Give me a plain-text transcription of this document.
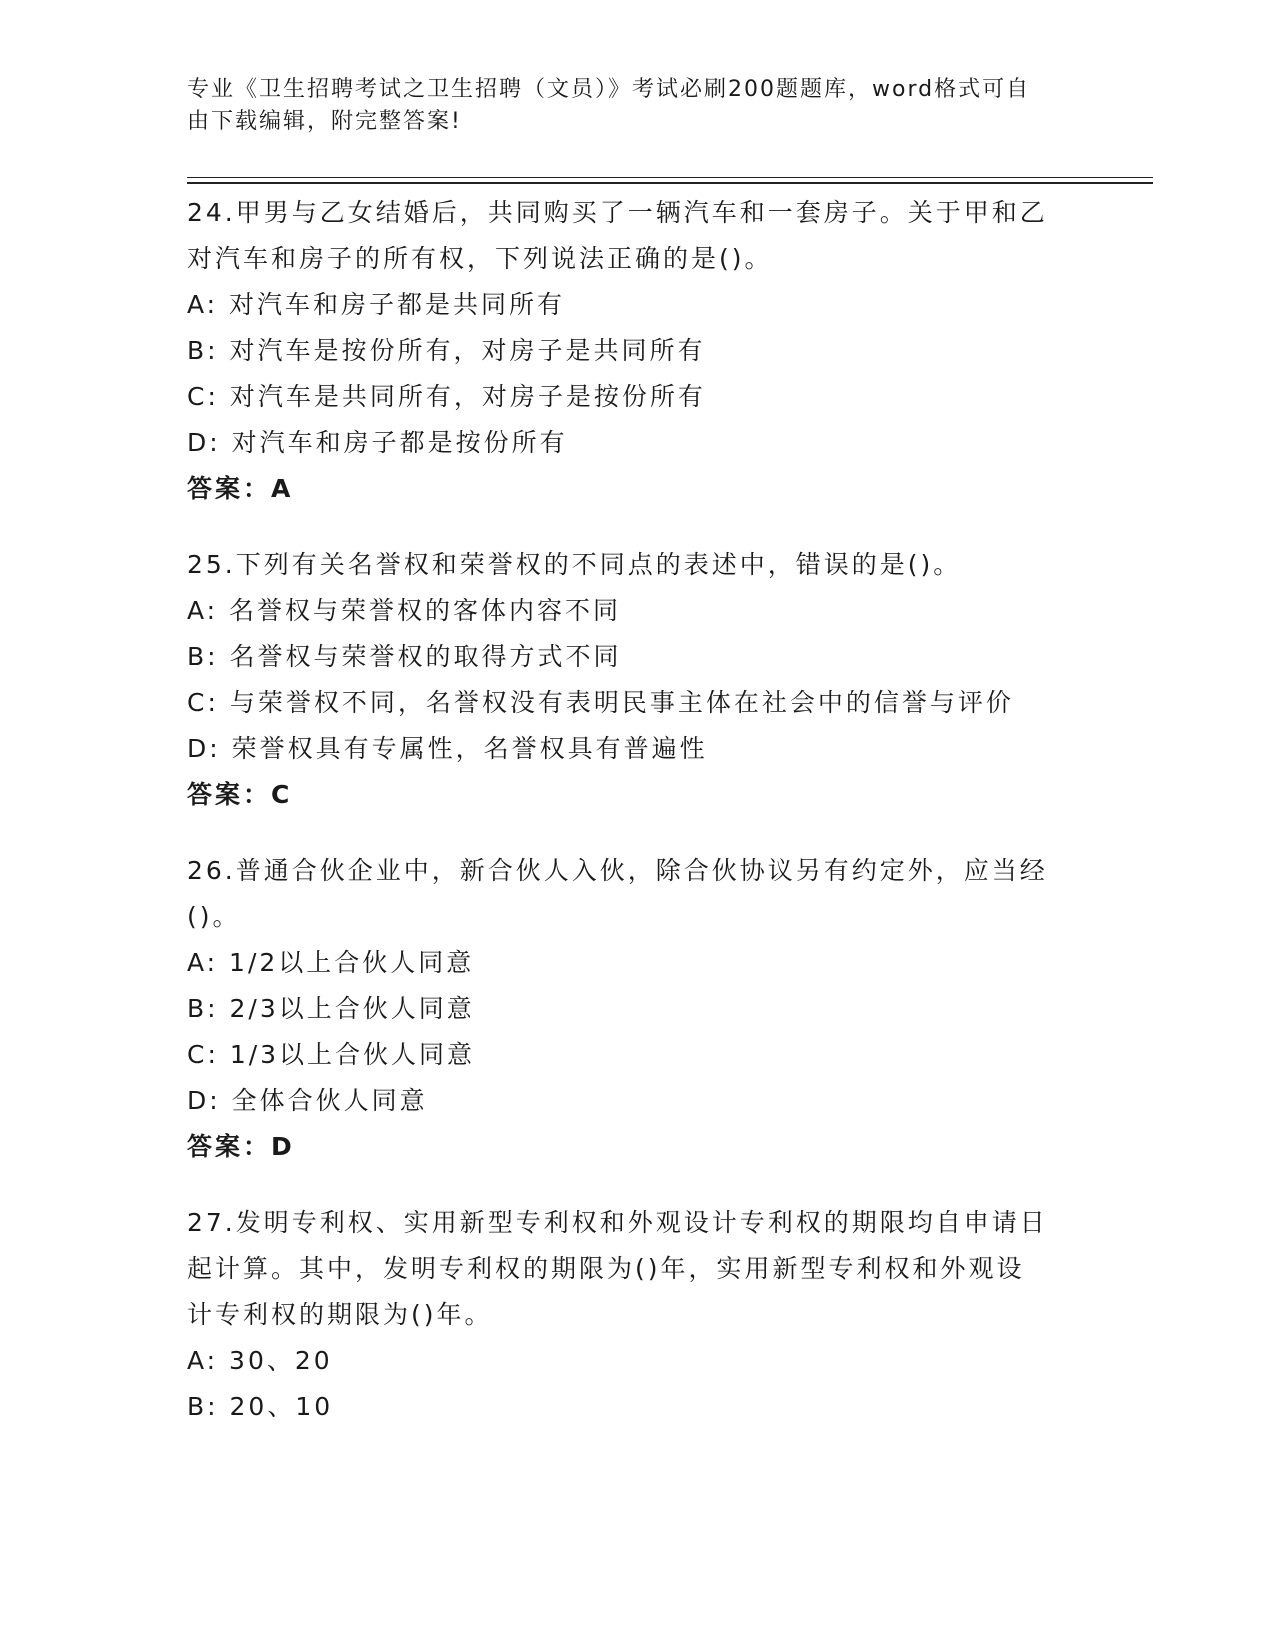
专业《卫生招聘考试之卫生招聘（文员）》考试必刷200题题库，word格式可自
由下载编辑，附完整答案!

24.甲男与乙女结婚后，共同购买了一辆汽车和一套房子。关于甲和乙

对汽车和房子的所有权，下列说法正确的是()。

A: 对汽车和房子都是共同所有

B: 对汽车是按份所有，对房子是共同所有

C: 对汽车是共同所有，对房子是按份所有

D: 对汽车和房子都是按份所有

答案：A

25.下列有关名誉权和荣誉权的不同点的表述中，错误的是()。

A: 名誉权与荣誉权的客体内容不同

B: 名誉权与荣誉权的取得方式不同

C: 与荣誉权不同，名誉权没有表明民事主体在社会中的信誉与评价

D: 荣誉权具有专属性，名誉权具有普遍性

答案：C

26.普通合伙企业中，新合伙人入伙，除合伙协议另有约定外，应当经

()。

A: 1/2以上合伙人同意

B: 2/3以上合伙人同意

C: 1/3以上合伙人同意

D: 全体合伙人同意

答案：D

27.发明专利权、实用新型专利权和外观设计专利权的期限均自申请日

起计算。其中，发明专利权的期限为()年，实用新型专利权和外观设

计专利权的期限为()年。

A: 30、20

B: 20、10
